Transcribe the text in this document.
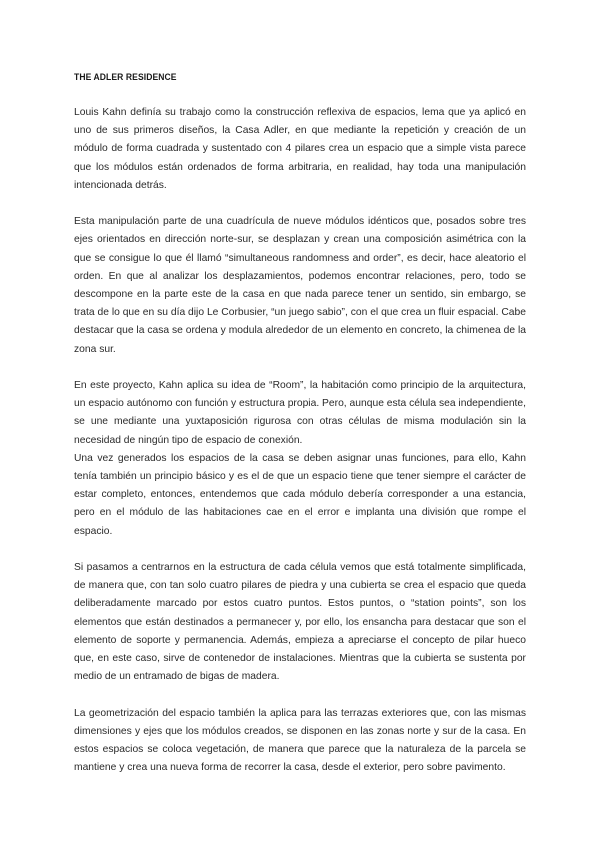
THE ADLER RESIDENCE

Louis Kahn definía su trabajo como la construcción reflexiva de espacios, lema que ya aplicó en uno de sus primeros diseños, la Casa Adler, en que mediante la repetición y creación de un módulo de forma cuadrada y sustentado con 4 pilares crea un espacio que a simple vista parece que los módulos están ordenados de forma arbitraria, en realidad, hay toda una manipulación intencionada detrás.

Esta manipulación parte de una cuadrícula de nueve módulos idénticos que, posados sobre tres ejes orientados en dirección norte-sur, se desplazan y crean una composición asimétrica con la que se consigue lo que él llamó “simultaneous randomness and order”, es decir, hace aleatorio el orden. En que al analizar los desplazamientos, podemos encontrar relaciones, pero, todo se descompone en la parte este de la casa en que nada parece tener un sentido, sin embargo, se trata de lo que en su día dijo Le Corbusier, “un juego sabio”, con el que crea un fluir espacial. Cabe destacar que la casa se ordena y modula alrededor de un elemento en concreto, la chimenea de la zona sur.

En este proyecto, Kahn aplica su idea de “Room”, la habitación como principio de la arquitectura, un espacio autónomo con función y estructura propia. Pero, aunque esta célula sea independiente, se une mediante una yuxtaposición rigurosa con otras células de misma modulación sin la necesidad de ningún tipo de espacio de conexión.

Una vez generados los espacios de la casa se deben asignar unas funciones, para ello, Kahn tenía también un principio básico y es el de que un espacio tiene que tener siempre el carácter de estar completo, entonces, entendemos que cada módulo debería corresponder a una estancia, pero en el módulo de las habitaciones cae en el error e implanta una división que rompe el espacio.

Si pasamos a centrarnos en la estructura de cada célula vemos que está totalmente simplificada, de manera que, con tan solo cuatro pilares de piedra y una cubierta se crea el espacio que queda deliberadamente marcado por estos cuatro puntos. Estos puntos, o “station points”, son los elementos que están destinados a permanecer y, por ello, los ensancha para destacar que son el elemento de soporte y permanencia. Además, empieza a apreciarse el concepto de pilar hueco que, en este caso, sirve de contenedor de instalaciones. Mientras que la cubierta se sustenta por medio de un entramado de bigas de madera.

La geometrización del espacio también la aplica para las terrazas exteriores que, con las mismas dimensiones y ejes que los módulos creados, se disponen en las zonas norte y sur de la casa. En estos espacios se coloca vegetación, de manera que parece que la naturaleza de la parcela se mantiene y crea una nueva forma de recorrer la casa, desde el exterior, pero sobre pavimento.
